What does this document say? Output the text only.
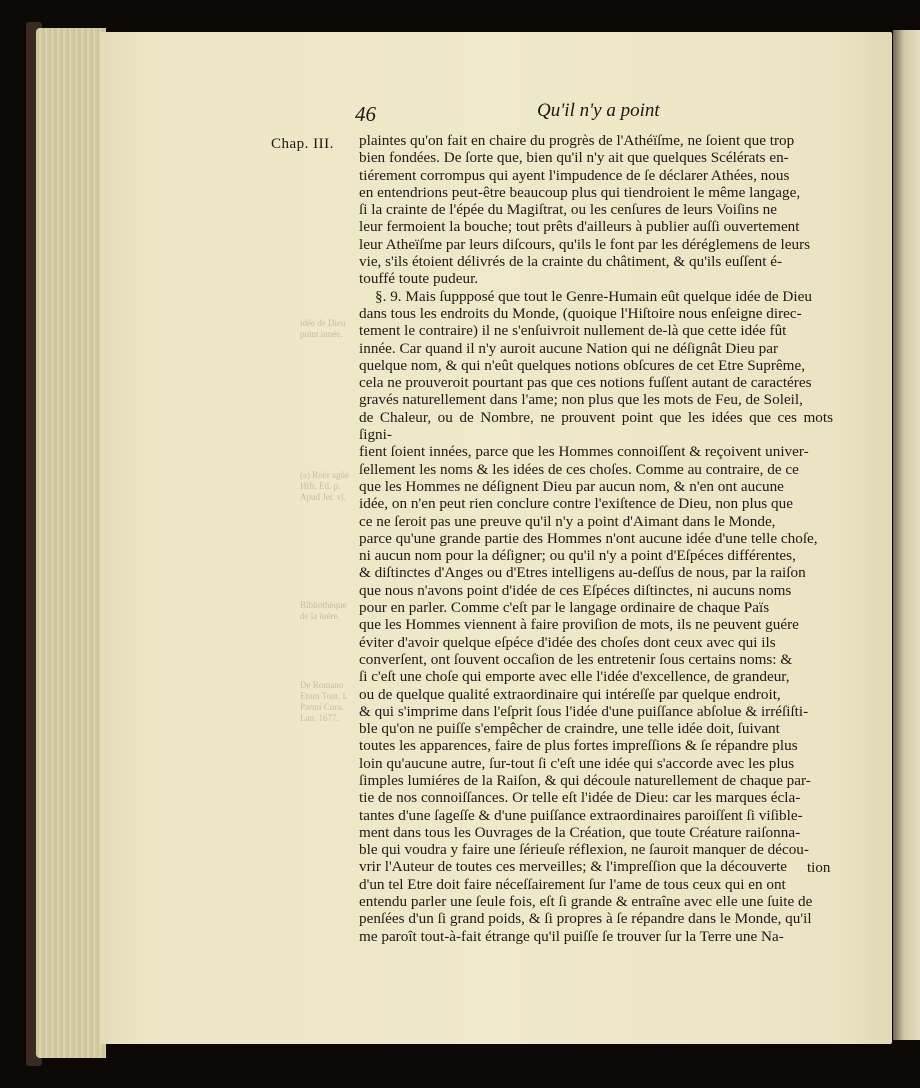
idée de Dieu
point innée.
(a) Roër agüé
Hift. Ed. p.
Apud Jer. vi.
Bibliothèque
de la ſuére.
De Romano
Etom Tom. I.
Parmi Cura.
Lan. 1677.
46	Qu'il n'y a point
Chap. III. plaintes qu'on fait en chaire du progrès de l'Athéïſme, ne ſoient que trop

bien fondées. De ſorte que, bien qu'il n'y ait que quelques Scélérats en-

tiérement corrompus qui ayent l'impudence de ſe déclarer Athées, nous

en entendrions peut-être beaucoup plus qui tiendroient le même langage,

ſi la crainte de l'épée du Magiſtrat, ou les cenſures de leurs Voiſins ne

leur fermoient la bouche; tout prêts d'ailleurs à publier auſſi ouvertement

leur Atheïſme par leurs diſcours, qu'ils le font par les déréglemens de leurs

vie, s'ils étoient délivrés de la crainte du châtiment, & qu'ils euſſent é-

touffé toute pudeur.

§. 9. Mais ſuppposé que tout le Genre-Humain eût quelque idée de Dieu

dans tous les endroits du Monde, (quoique l'Hiſtoire nous enſeigne direc-

tement le contraire) il ne s'enſuivroit nullement de-là que cette idée fût

innée. Car quand il n'y auroit aucune Nation qui ne déſignât Dieu par

quelque nom, & qui n'eût quelques notions obſcures de cet Etre Suprême,

cela ne prouveroit pourtant pas que ces notions fuſſent autant de caractéres

gravés naturellement dans l'ame; non plus que les mots de Feu, de Soleil,

de Chaleur, ou de Nombre, ne prouvent point que les idées que ces mots ſigni-

fient ſoient innées, parce que les Hommes connoiſſent & reçoivent univer-

ſellement les noms & les idées de ces choſes. Comme au contraire, de ce

que les Hommes ne déſignent Dieu par aucun nom, & n'en ont aucune

idée, on n'en peut rien conclure contre l'exiſtence de Dieu, non plus que

ce ne ſeroit pas une preuve qu'il n'y a point d'Aimant dans le Monde,

parce qu'une grande partie des Hommes n'ont aucune idée d'une telle choſe,

ni aucun nom pour la déſigner; ou qu'il n'y a point d'Eſpéces différentes,

& diſtinctes d'Anges ou d'Etres intelligens au-deſſus de nous, par la raiſon

que nous n'avons point d'idée de ces Eſpéces diſtinctes, ni aucuns noms

pour en parler. Comme c'eſt par le langage ordinaire de chaque Païs

que les Hommes viennent à faire proviſion de mots, ils ne peuvent guére

éviter d'avoir quelque eſpéce d'idée des choſes dont ceux avec qui ils

converſent, ont ſouvent occaſion de les entretenir ſous certains noms: &

ſi c'eſt une choſe qui emporte avec elle l'idée d'excellence, de grandeur,

ou de quelque qualité extraordinaire qui intéreſſe par quelque endroit,

& qui s'imprime dans l'eſprit ſous l'idée d'une puiſſance abſolue & irréſiſti-

ble qu'on ne puiſſe s'empêcher de craindre, une telle idée doit, ſuivant

toutes les apparences, faire de plus fortes impreſſions & ſe répandre plus

loin qu'aucune autre, ſur-tout ſi c'eſt une idée qui s'accorde avec les plus

ſimples lumiéres de la Raiſon, & qui découle naturellement de chaque par-

tie de nos connoiſſances. Or telle eſt l'idée de Dieu: car les marques écla-

tantes d'une ſageſſe & d'une puiſſance extraordinaires paroiſſent ſi viſible-

ment dans tous les Ouvrages de la Création, que toute Créature raiſonna-

ble qui voudra y faire une ſérieuſe réflexion, ne ſauroit manquer de décou-

vrir l'Auteur de toutes ces merveilles; & l'impreſſion que la découverte

d'un tel Etre doit faire néceſſairement ſur l'ame de tous ceux qui en ont

entendu parler une ſeule fois, eſt ſi grande & entraîne avec elle une ſuite de

penſées d'un ſi grand poids, & ſi propres à ſe répandre dans le Monde, qu'il

me paroît tout-à-fait étrange qu'il puiſſe ſe trouver ſur la Terre une Na-

tion
